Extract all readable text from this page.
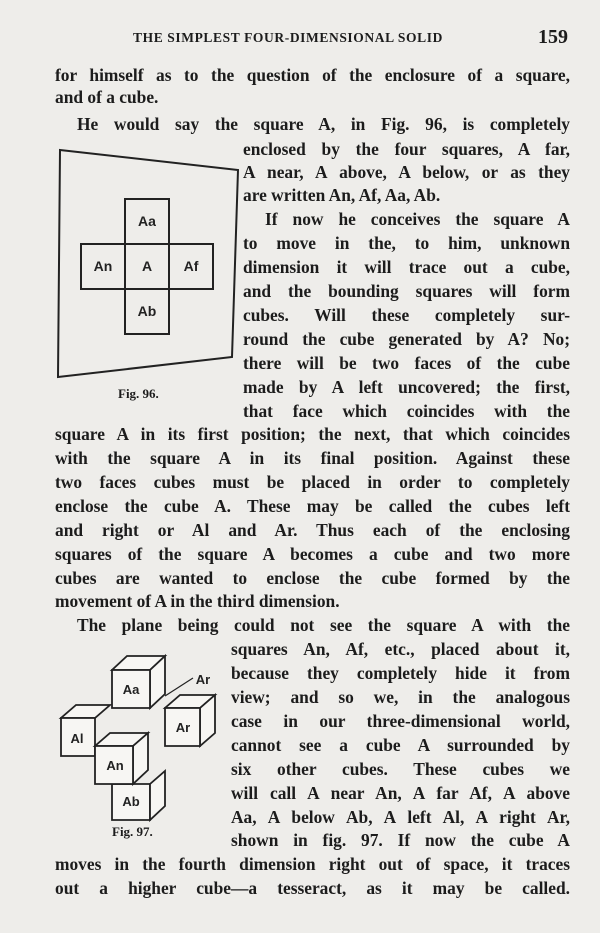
THE SIMPLEST FOUR-DIMENSIONAL SOLID	159
for himself as to the question of the enclosure of a square,
and of a cube.
He would say the square A, in Fig. 96, is completely
enclosed by the four squares, A far,
A near, A above, A below, or as they
are written An, Af, Aa, Ab.
If now he conceives the square A
to move in the, to him, unknown
dimension it will trace out a cube,
and the bounding squares will form
cubes. Will these completely sur-
round the cube generated by A? No;
there will be two faces of the cube
made by A left uncovered; the first,
that face which coincides with the
square A in its first position; the next, that which coincides
with the square A in its final position. Against these
two faces cubes must be placed in order to completely
enclose the cube A. These may be called the cubes left
and right or Al and Ar. Thus each of the enclosing
squares of the square A becomes a cube and two more
cubes are wanted to enclose the cube formed by the
movement of A in the third dimension.
The plane being could not see the square A with the
squares An, Af, etc., placed about it,
because they completely hide it from
view; and so we, in the analogous
case in our three-dimensional world,
cannot see a cube A surrounded by
six other cubes. These cubes we
will call A near An, A far Af, A above
Aa, A below Ab, A left Al, A right Ar,
shown in fig. 97. If now the cube A
moves in the fourth dimension right out of space, it traces
out a higher cube—a tesseract, as it may be called.
Aa
An A Af
Ab
Fig. 96.
Aa
Ar
Ar
Al
An
Ab
Fig. 97.
